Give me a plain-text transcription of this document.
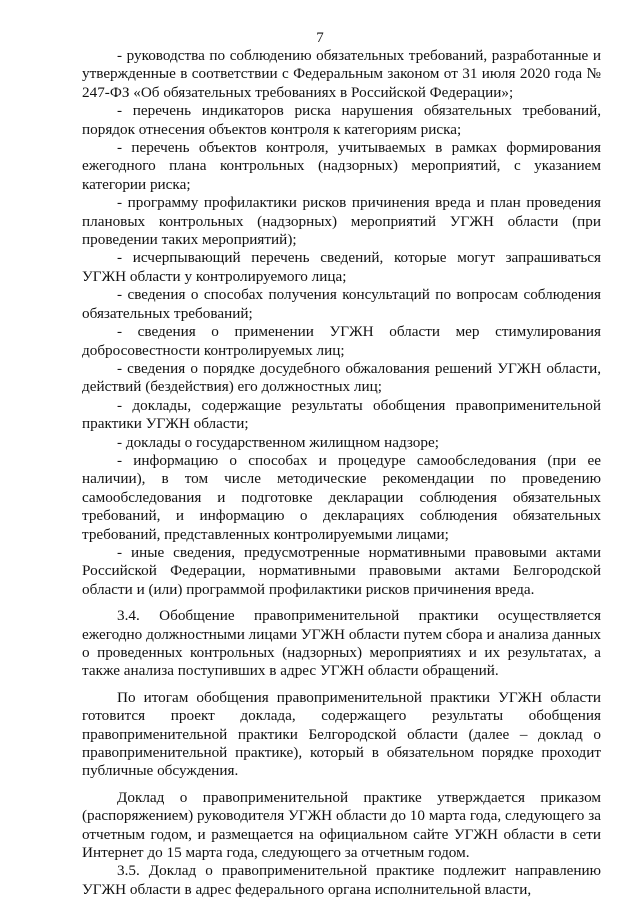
7

- руководства по соблюдению обязательных требований, разработанные и утвержденные в соответствии с Федеральным законом от 31 июля 2020 года № 247-ФЗ «Об обязательных требованиях в Российской Федерации»;

- перечень индикаторов риска нарушения обязательных требований, порядок отнесения объектов контроля к категориям риска;

- перечень объектов контроля, учитываемых в рамках формирования ежегодного плана контрольных (надзорных) мероприятий, с указанием категории риска;

- программу профилактики рисков причинения вреда и план проведения плановых контрольных (надзорных) мероприятий УГЖН области (при проведении таких мероприятий);

- исчерпывающий перечень сведений, которые могут запрашиваться УГЖН области у контролируемого лица;

- сведения о способах получения консультаций по вопросам соблюдения обязательных требований;

- сведения о применении УГЖН области мер стимулирования добросовестности контролируемых лиц;

- сведения о порядке досудебного обжалования решений УГЖН области, действий (бездействия) его должностных лиц;

- доклады, содержащие результаты обобщения правоприменительной практики УГЖН области;

- доклады о государственном жилищном надзоре;

- информацию о способах и процедуре самообследования (при ее наличии), в том числе методические рекомендации по проведению самообследования и подготовке декларации соблюдения обязательных требований, и информацию о декларациях соблюдения обязательных требований, представленных контролируемыми лицами;

- иные сведения, предусмотренные нормативными правовыми актами Российской Федерации, нормативными правовыми актами Белгородской области и (или) программой профилактики рисков причинения вреда.

3.4. Обобщение правоприменительной практики осуществляется ежегодно должностными лицами УГЖН области путем сбора и анализа данных о проведенных контрольных (надзорных) мероприятиях и их результатах, а также анализа поступивших в адрес УГЖН области обращений.

По итогам обобщения правоприменительной практики УГЖН области готовится проект доклада, содержащего результаты обобщения правоприменительной практики Белгородской области (далее – доклад о правоприменительной практике), который в обязательном порядке проходит публичные обсуждения.

Доклад о правоприменительной практике утверждается приказом (распоряжением) руководителя УГЖН области до 10 марта года, следующего за отчетным годом, и размещается на официальном сайте УГЖН области в сети Интернет до 15 марта года, следующего за отчетным годом.

3.5. Доклад о правоприменительной практике подлежит направлению УГЖН области в адрес федерального органа исполнительной власти,
